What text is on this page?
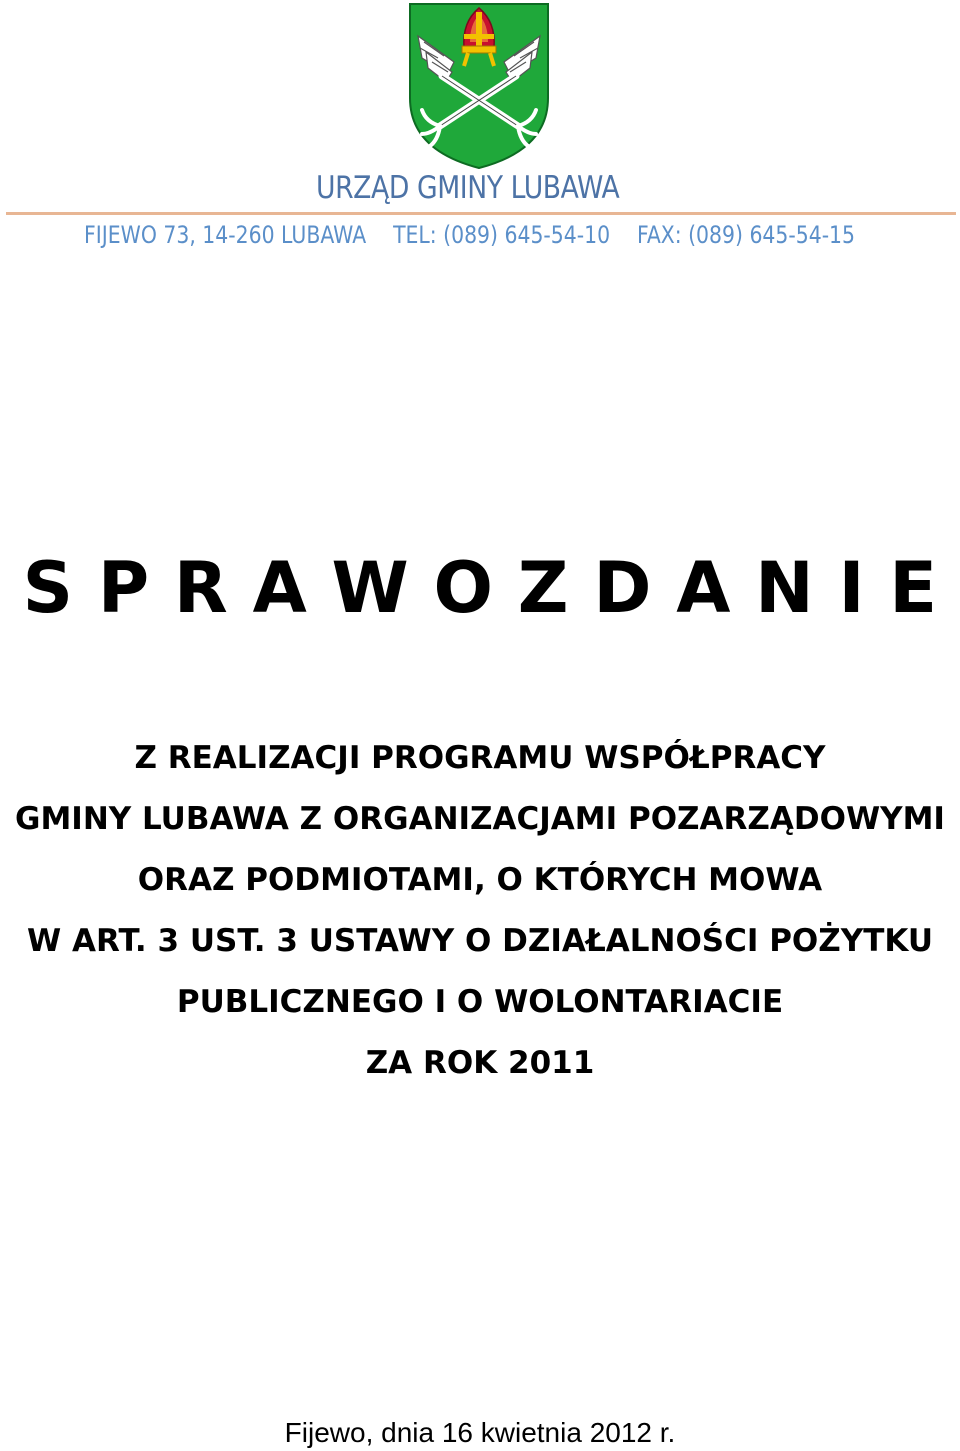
URZĄD GMINY LUBAWA
FIJEWO 73, 14-260 LUBAWA TEL: (089) 645-54-10 FAX: (089) 645-54-15
S P R A W O Z D A N I E
Z REALIZACJI PROGRAMU WSPÓŁPRACY
GMINY LUBAWA Z ORGANIZACJAMI POZARZĄDOWYMI
ORAZ PODMIOTAMI, O KTÓRYCH MOWA
W ART. 3 UST. 3 USTAWY O DZIAŁALNOŚCI POŻYTKU
PUBLICZNEGO I O WOLONTARIACIE
ZA ROK 2011
Fijewo, dnia 16 kwietnia 2012 r.
